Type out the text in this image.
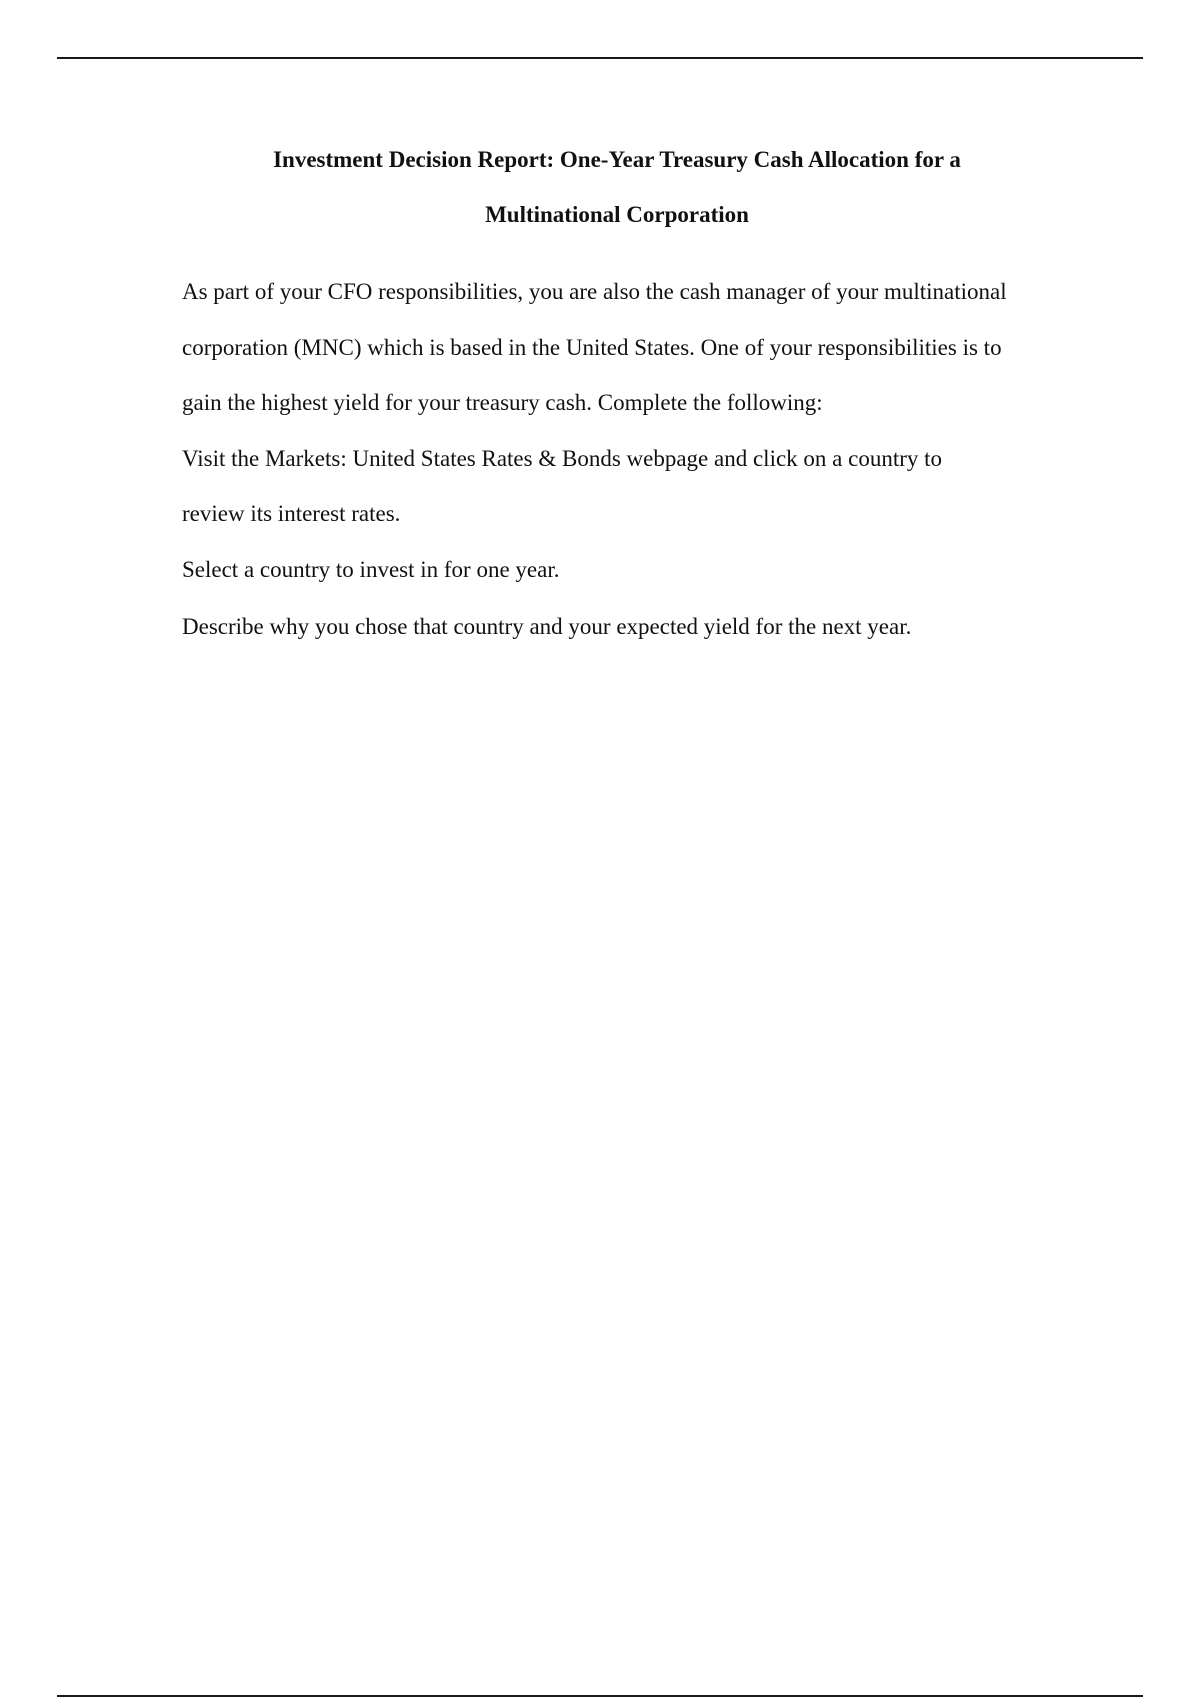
Investment Decision Report: One-Year Treasury Cash Allocation for a
Multinational Corporation

As part of your CFO responsibilities, you are also the cash manager of your multinational

corporation (MNC) which is based in the United States. One of your responsibilities is to

gain the highest yield for your treasury cash. Complete the following:

Visit the Markets: United States Rates & Bonds webpage and click on a country to

review its interest rates.

Select a country to invest in for one year.

Describe why you chose that country and your expected yield for the next year.
